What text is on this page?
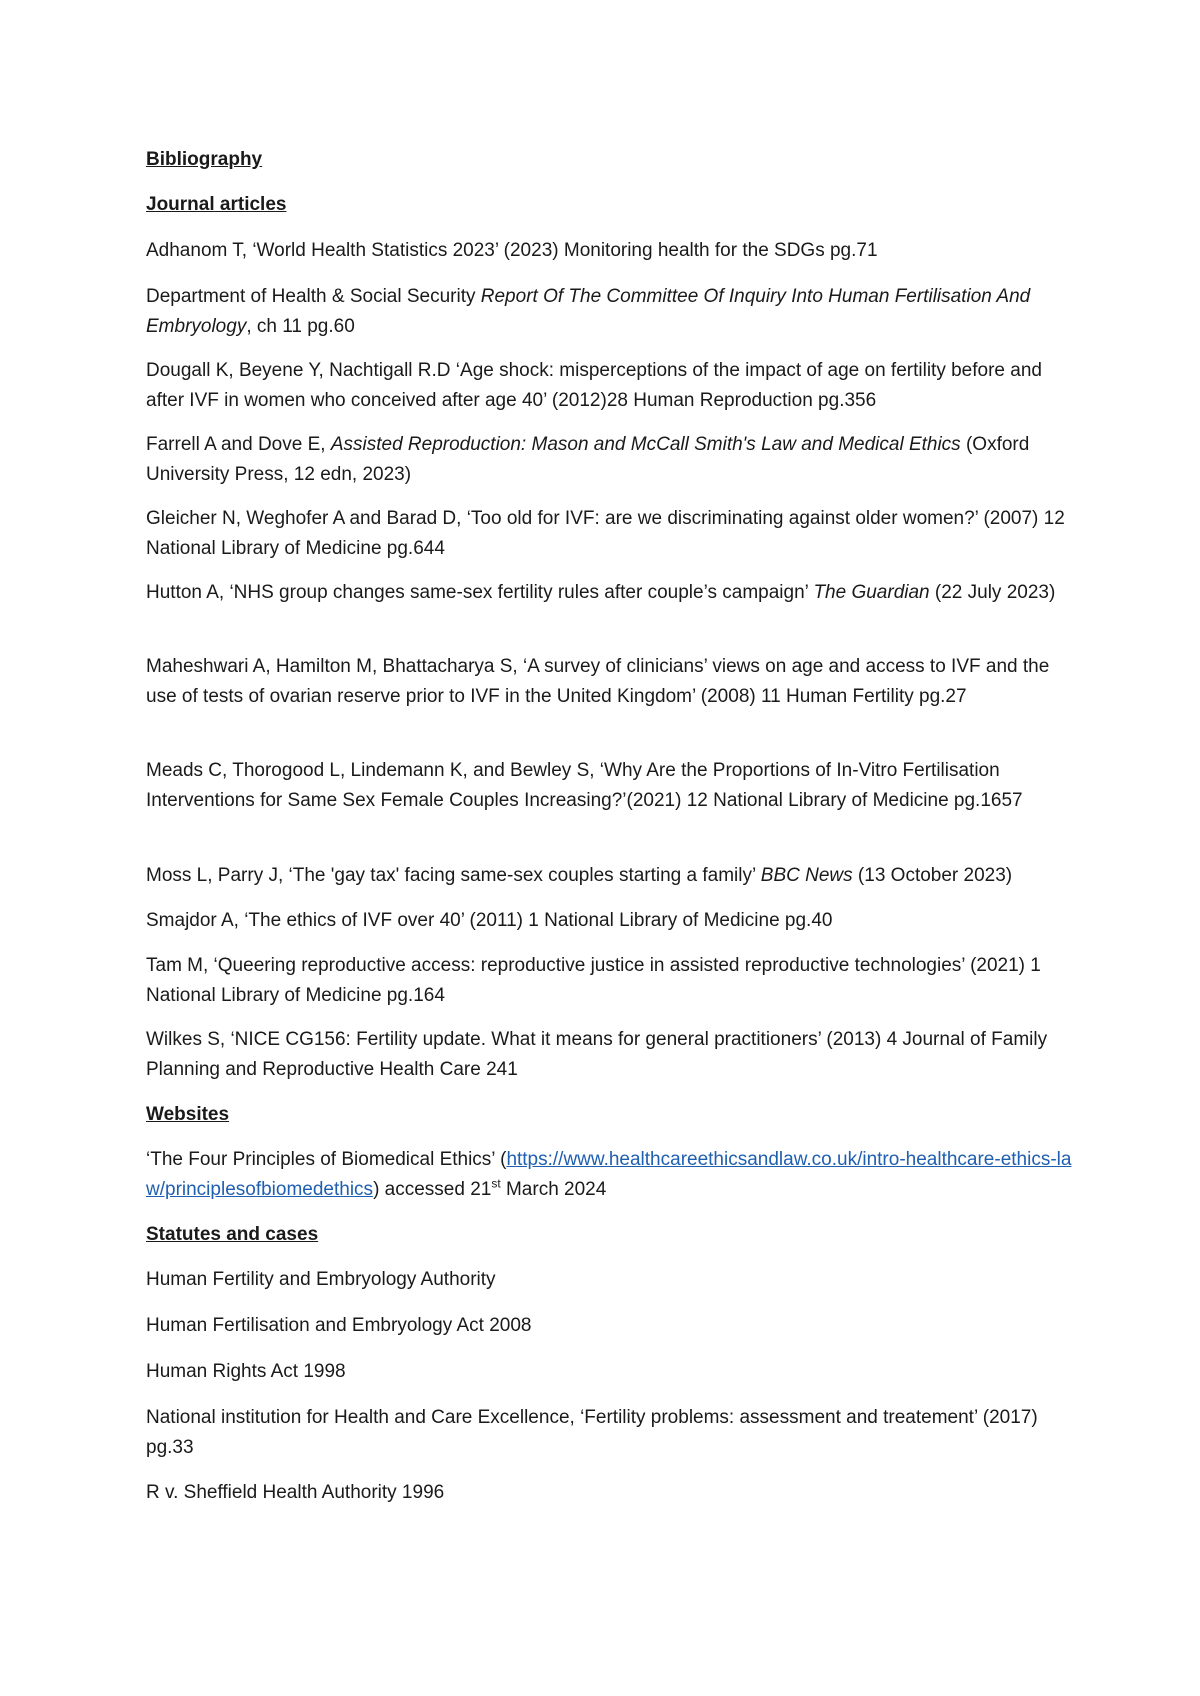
Bibliography
Journal articles
Adhanom T, ‘World Health Statistics 2023’ (2023) Monitoring health for the SDGs pg.71
Department of Health & Social Security Report Of The Committee Of Inquiry Into Human Fertilisation And Embryology, ch 11 pg.60
Dougall K, Beyene Y, Nachtigall R.D ‘Age shock: misperceptions of the impact of age on fertility before and after IVF in women who conceived after age 40’ (2012)28 Human Reproduction pg.356
Farrell A and Dove E, Assisted Reproduction: Mason and McCall Smith's Law and Medical Ethics (Oxford University Press, 12 edn, 2023)
Gleicher N, Weghofer A and Barad D, ‘Too old for IVF: are we discriminating against older women?’ (2007) 12 National Library of Medicine pg.644
Hutton A, ‘NHS group changes same-sex fertility rules after couple’s campaign’ The Guardian (22 July 2023)
Maheshwari A, Hamilton M, Bhattacharya S, ‘A survey of clinicians’ views on age and access to IVF and the use of tests of ovarian reserve prior to IVF in the United Kingdom’ (2008) 11 Human Fertility pg.27
Meads C, Thorogood L, Lindemann K, and Bewley S, ‘Why Are the Proportions of In-Vitro Fertilisation Interventions for Same Sex Female Couples Increasing?’(2021) 12 National Library of Medicine pg.1657
Moss L, Parry J, ‘The 'gay tax' facing same-sex couples starting a family’ BBC News (13 October 2023)
Smajdor A, ‘The ethics of IVF over 40’ (2011) 1 National Library of Medicine pg.40
Tam M, ‘Queering reproductive access: reproductive justice in assisted reproductive technologies’ (2021) 1 National Library of Medicine pg.164
Wilkes S, ‘NICE CG156: Fertility update. What it means for general practitioners’ (2013) 4 Journal of Family Planning and Reproductive Health Care 241
Websites
‘The Four Principles of Biomedical Ethics’ (https://www.healthcareethicsandlaw.co.uk/intro-healthcare-ethics-law/principlesofbiomedethics) accessed 21st March 2024
Statutes and cases
Human Fertility and Embryology Authority
Human Fertilisation and Embryology Act 2008
Human Rights Act 1998
National institution for Health and Care Excellence, ‘Fertility problems: assessment and treatement’ (2017) pg.33
R v. Sheffield Health Authority 1996
